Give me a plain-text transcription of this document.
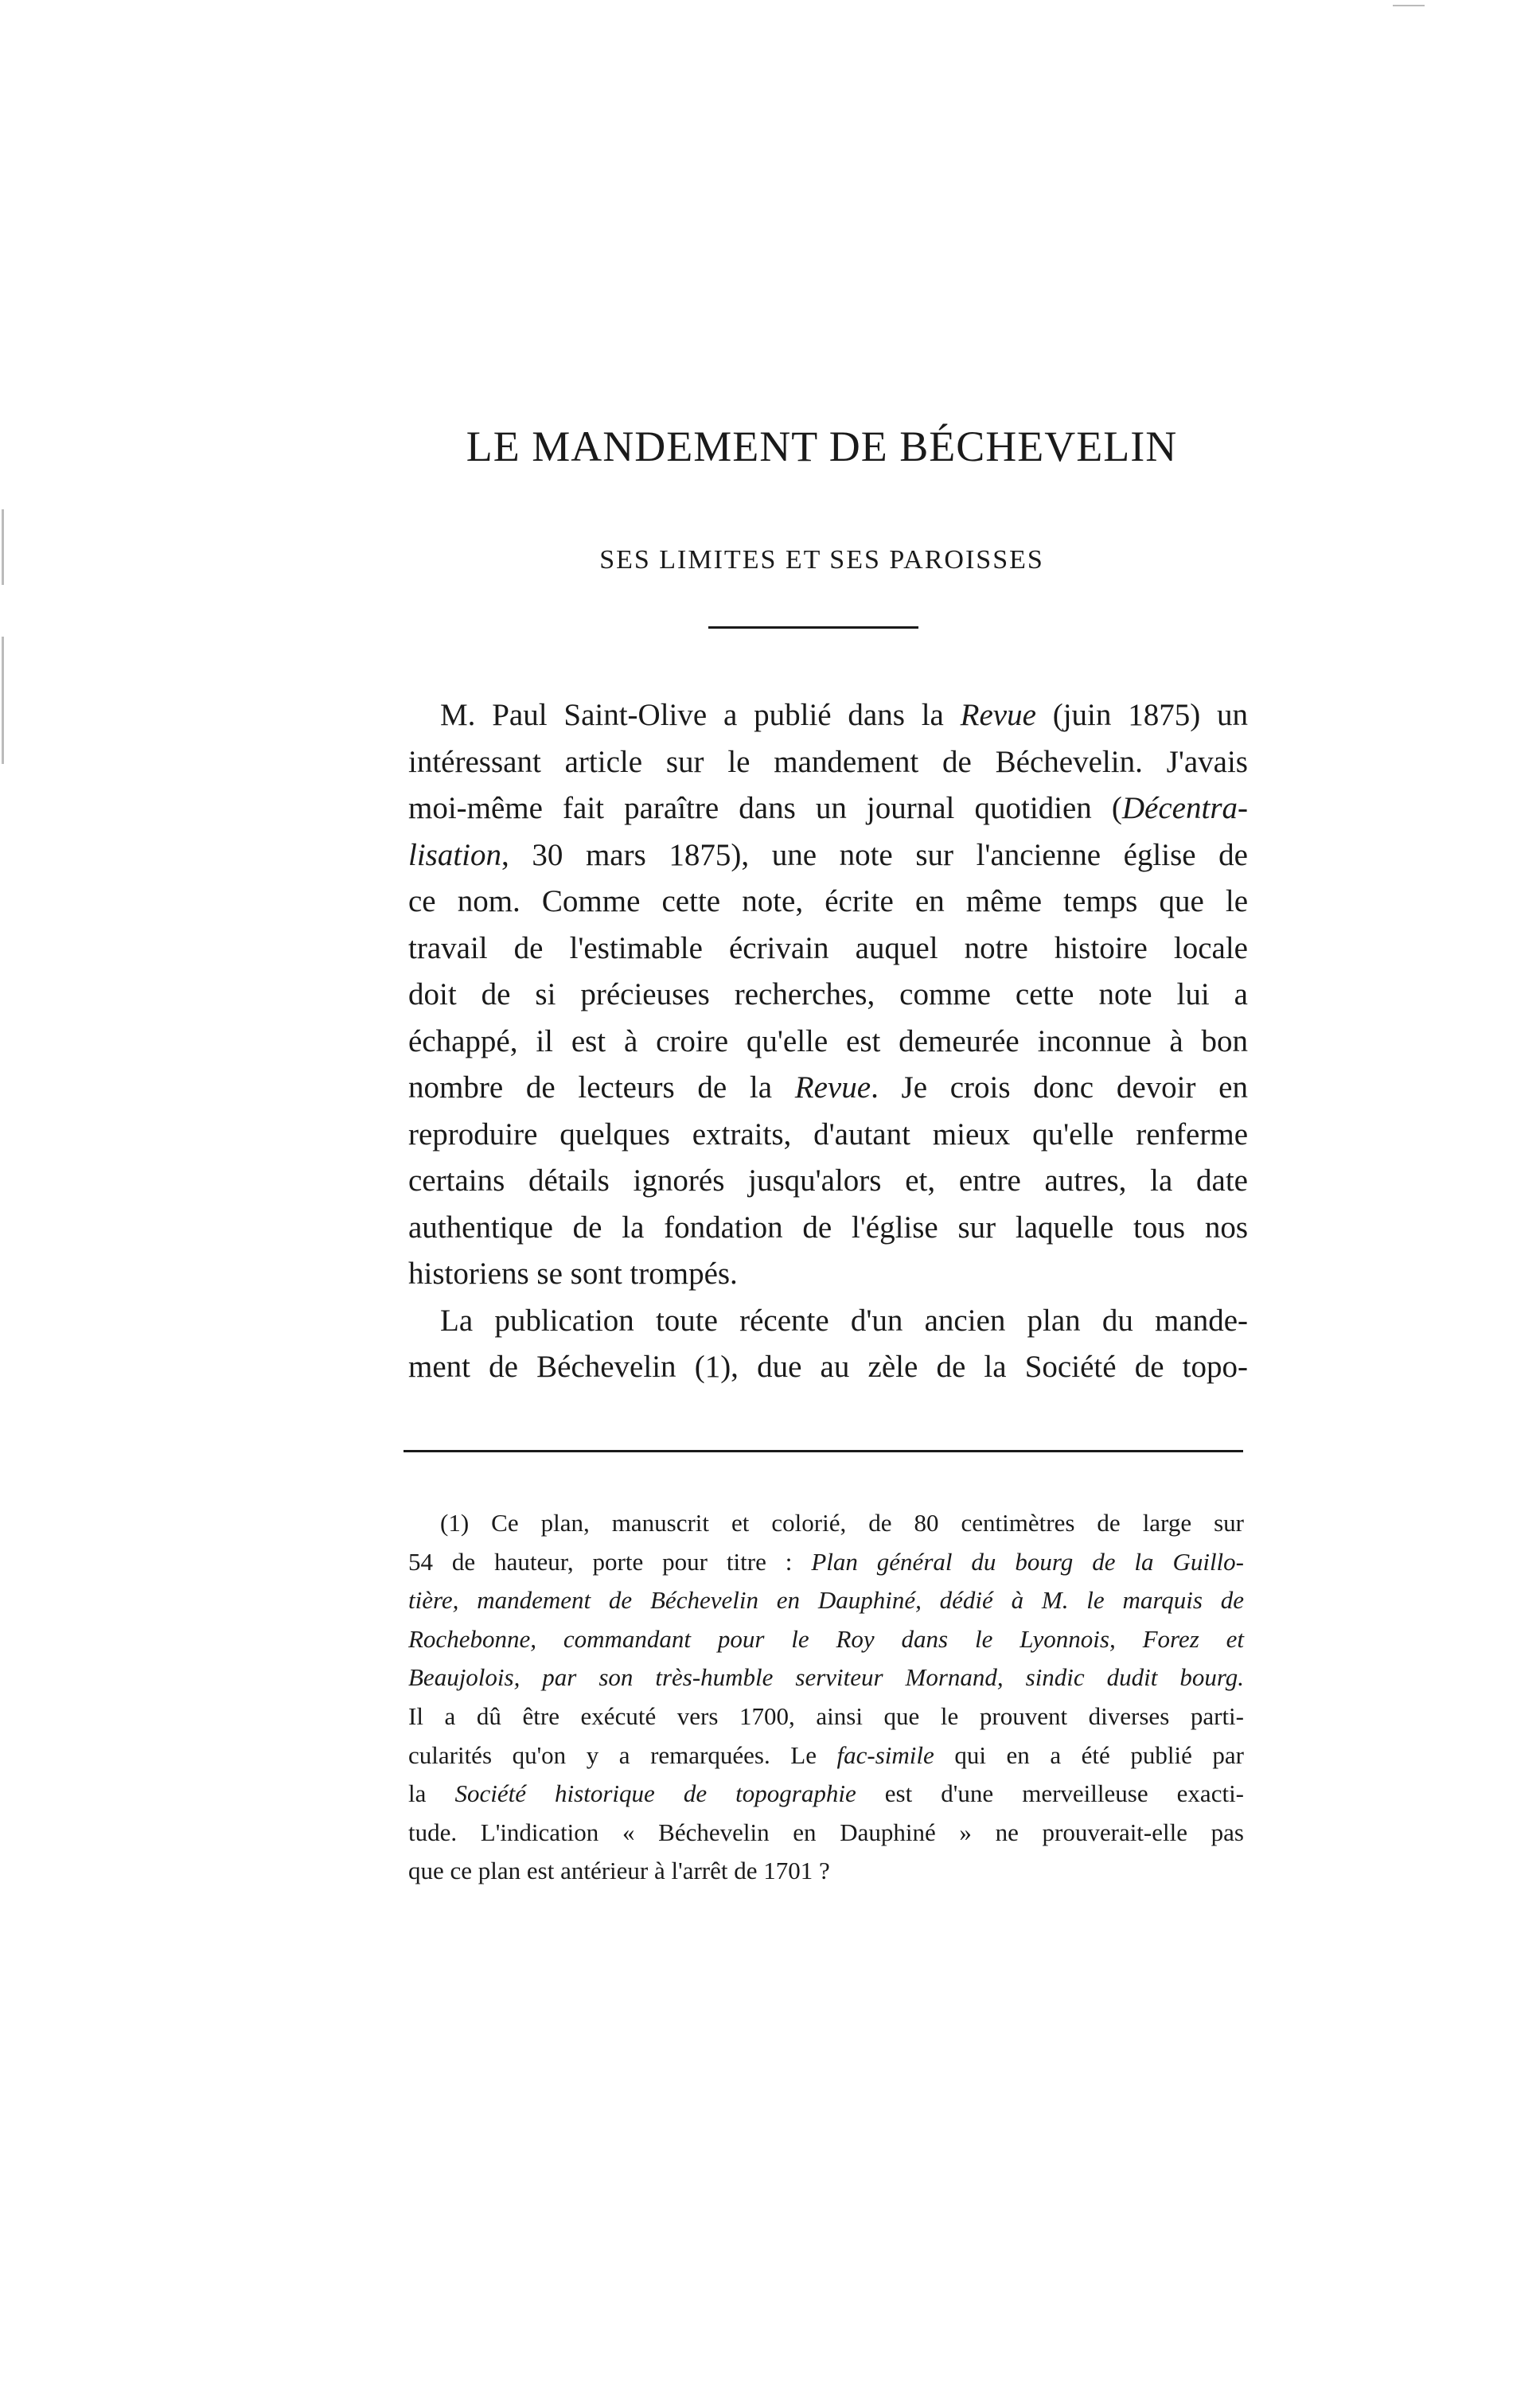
LE MANDEMENT DE BÉCHEVELIN
SES LIMITES ET SES PAROISSES
M. Paul Saint-Olive a publié dans la Revue (juin 1875) un
intéressant article sur le mandement de Béchevelin. J'avais
moi-même fait paraître dans un journal quotidien (Décentra-
lisation, 30 mars 1875), une note sur l'ancienne église de
ce nom. Comme cette note, écrite en même temps que le
travail de l'estimable écrivain auquel notre histoire locale
doit de si précieuses recherches, comme cette note lui a
échappé, il est à croire qu'elle est demeurée inconnue à bon
nombre de lecteurs de la Revue. Je crois donc devoir en
reproduire quelques extraits, d'autant mieux qu'elle renferme
certains détails ignorés jusqu'alors et, entre autres, la date
authentique de la fondation de l'église sur laquelle tous nos
historiens se sont trompés.
La publication toute récente d'un ancien plan du mande-
ment de Béchevelin (1), due au zèle de la Société de topo-
(1) Ce plan, manuscrit et colorié, de 80 centimètres de large sur
54 de hauteur, porte pour titre : Plan général du bourg de la Guillo-
tière, mandement de Béchevelin en Dauphiné, dédié à M. le marquis de
Rochebonne, commandant pour le Roy dans le Lyonnois, Forez et
Beaujolois, par son très-humble serviteur Mornand, sindic dudit bourg.
Il a dû être exécuté vers 1700, ainsi que le prouvent diverses parti-
cularités qu'on y a remarquées. Le fac-simile qui en a été publié par
la Société historique de topographie est d'une merveilleuse exacti-
tude. L'indication « Béchevelin en Dauphiné » ne prouverait-elle pas
que ce plan est antérieur à l'arrêt de 1701 ?
